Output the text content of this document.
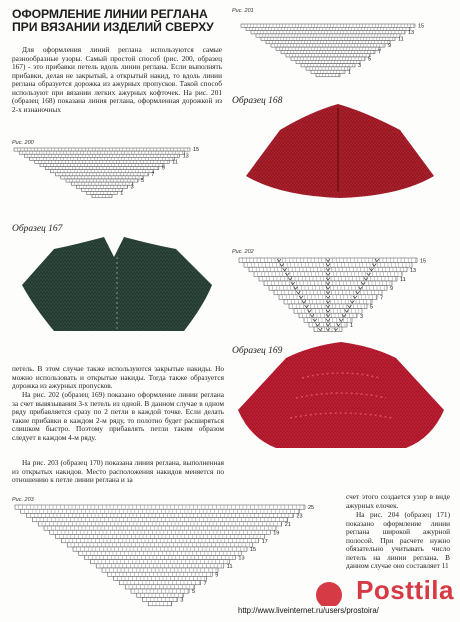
ОФОРМЛЕНИЕ ЛИНИИ РЕГЛАНА ПРИ ВЯЗАНИИ ИЗДЕЛИЙ СВЕРХУ
Для оформления линий реглана используются самые разнообразные узоры. Самый простой способ (рис. 200, образец 167) - это прибавки петель вдоль линии реглана. Если выполнять прибавки, делая не закрытый, а открытый накид, то вдоль линии реглана образуется дорожка из ажурных пропусков. Такой способ используют при вязании легких ажурных кофточек. На рис. 201 (образец 168) показана линия реглана, оформленная дорожкой из 2-х изнаночных
Рис. 200
15
13
11
9
7
5
3
1
Образец 167
петель. В этом случае также используются закрытые накиды. Но можно использовать и открытые накиды. Тогда также образуется дорожка из ажурных пропусков.
На рис. 202 (образец 169) показано оформление линии реглана за счет вывязывания 3-х петель из одной. В данном случае в одном ряду прибавляется сразу по 2 петли в каждой точке. Если делать такие прибавки в каждом 2-м ряду, то полотно будет расширяться слишком быстро. Поэтому прибавлять петли таким образом следует в каждом 4-м ряду.
На рис. 203 (образец 170) показана линия реглана, выполненная из открытых накидов. Место расположения накидов меняется по отношению к петле линии реглана и за
Рис. 201
15
13
11
9
7
5
3
1
Образец 168
Рис. 202
15
13
11
9
7
5
3
1
Образец 169
счет этого создается узор в виде ажурных елочек.
На рис. 204 (образец 171) показано оформление линии реглана широкой ажурной полосой. При расчете нужно обязательно учитывать число петель на линии реглана. В данном случае оно составляет 11
Рис. 203
25
23
21
19
17
15
13
11
9
7
5
3	Posttila
http://www.liveinternet.ru/users/prostoira/
